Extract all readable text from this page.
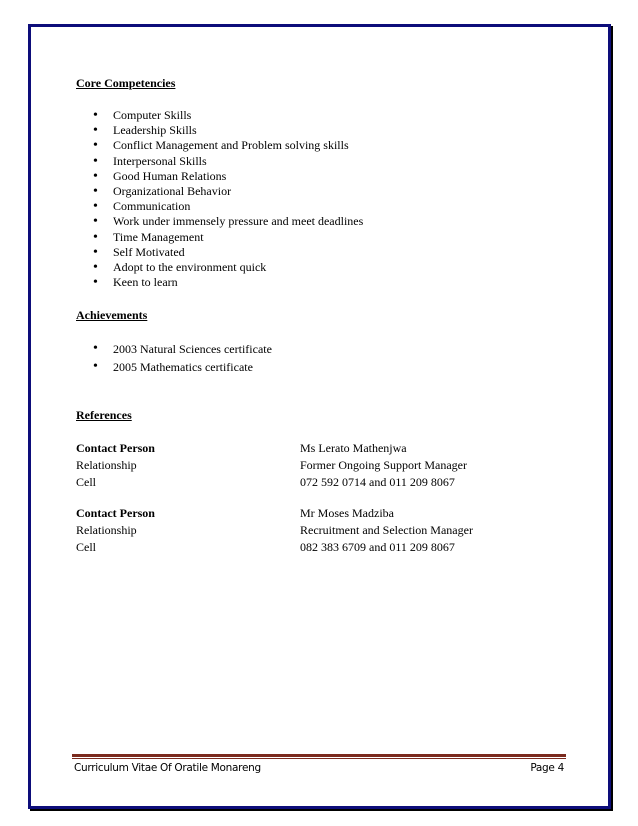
Core Competencies
• Computer Skills
• Leadership Skills
• Conflict Management and Problem solving skills
• Interpersonal Skills
• Good Human Relations
• Organizational Behavior
• Communication
• Work under immensely pressure and meet deadlines
• Time Management
• Self Motivated
• Adopt to the environment quick
• Keen to learn
Achievements
• 2003 Natural Sciences certificate
• 2005 Mathematics certificate
References
Contact Person	Ms Lerato Mathenjwa
Relationship	Former Ongoing Support Manager
Cell	072 592 0714 and 011 209 8067
Contact Person	Mr Moses Madziba
Relationship	Recruitment and Selection Manager
Cell	082 383 6709 and 011 209 8067
Curriculum Vitae Of Oratile Monareng	Page 4
